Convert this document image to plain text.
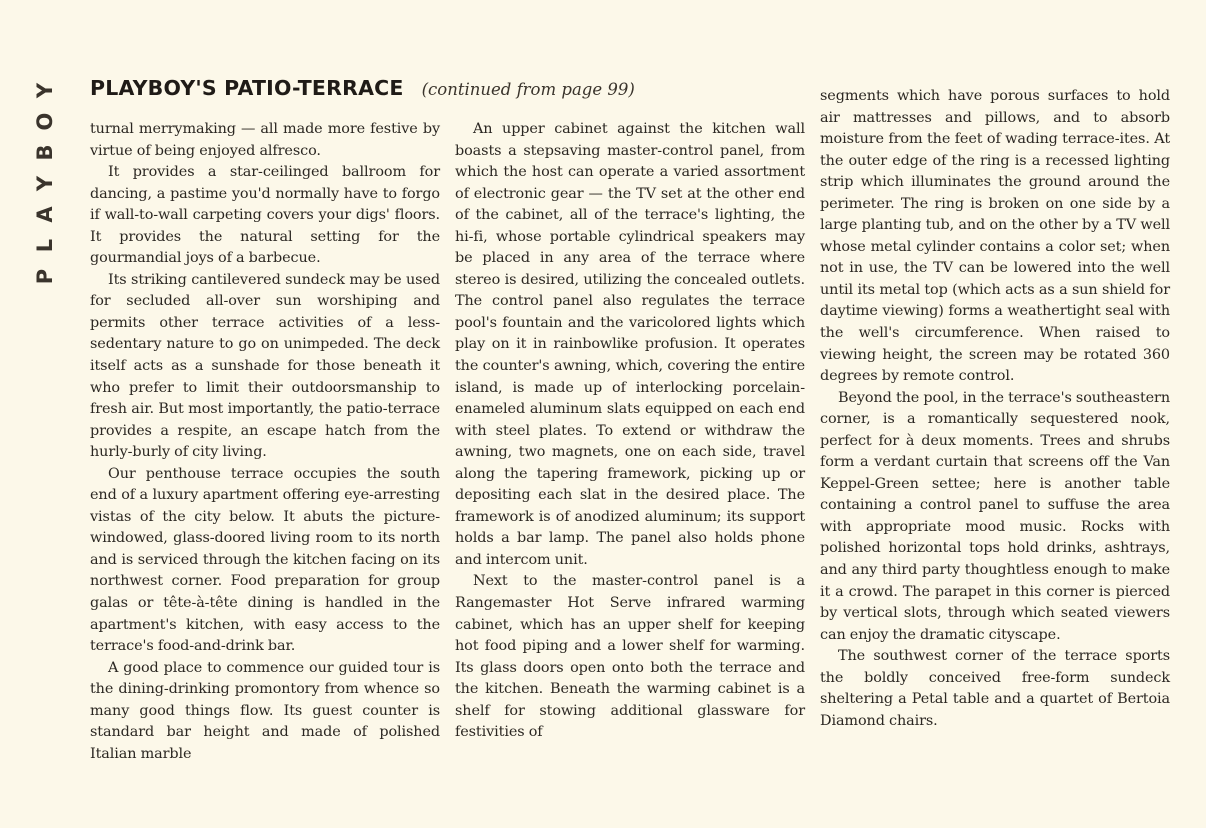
Y
O
B
Y
A
L
P
PLAYBOY'S PATIO-TERRACE (continued from page 99)

turnal merrymaking — all made more festive by virtue of being enjoyed alfresco.

It provides a star-ceilinged ballroom for dancing, a pastime you'd normally have to forgo if wall-to-wall carpeting covers your digs' floors. It provides the natural setting for the gourmandial joys of a barbecue.

Its striking cantilevered sundeck may be used for secluded all-over sun worshiping and permits other terrace activities of a less-sedentary nature to go on unimpeded. The deck itself acts as a sunshade for those beneath it who prefer to limit their outdoorsmanship to fresh air. But most importantly, the patio-terrace provides a respite, an escape hatch from the hurly-burly of city living.

Our penthouse terrace occupies the south end of a luxury apartment offering eye-arresting vistas of the city below. It abuts the picture-windowed, glass-doored living room to its north and is serviced through the kitchen facing on its northwest corner. Food preparation for group galas or tête-à-tête dining is handled in the apartment's kitchen, with easy access to the terrace's food-and-drink bar.

A good place to commence our guided tour is the dining-drinking promontory from whence so many good things flow. Its guest counter is standard bar height and made of polished Italian marble

An upper cabinet against the kitchen wall boasts a stepsaving master-control panel, from which the host can operate a varied assortment of electronic gear — the TV set at the other end of the cabinet, all of the terrace's lighting, the hi-fi, whose portable cylindrical speakers may be placed in any area of the terrace where stereo is desired, utilizing the concealed outlets. The control panel also regulates the terrace pool's fountain and the varicolored lights which play on it in rainbowlike profusion. It operates the counter's awning, which, covering the entire island, is made up of interlocking porcelain-enameled aluminum slats equipped on each end with steel plates. To extend or withdraw the awning, two magnets, one on each side, travel along the tapering framework, picking up or depositing each slat in the desired place. The framework is of anodized aluminum; its support holds a bar lamp. The panel also holds phone and intercom unit.

Next to the master-control panel is a Rangemaster Hot Serve infrared warming cabinet, which has an upper shelf for keeping hot food piping and a lower shelf for warming. Its glass doors open onto both the terrace and the kitchen. Beneath the warming cabinet is a shelf for stowing additional glassware for festivities of

segments which have porous surfaces to hold air mattresses and pillows, and to absorb moisture from the feet of wading terrace-ites. At the outer edge of the ring is a recessed lighting strip which illuminates the ground around the perimeter. The ring is broken on one side by a large planting tub, and on the other by a TV well whose metal cylinder contains a color set; when not in use, the TV can be lowered into the well until its metal top (which acts as a sun shield for daytime viewing) forms a weathertight seal with the well's circumference. When raised to viewing height, the screen may be rotated 360 degrees by remote control.

Beyond the pool, in the terrace's southeastern corner, is a romantically sequestered nook, perfect for à deux moments. Trees and shrubs form a verdant curtain that screens off the Van Keppel-Green settee; here is another table containing a control panel to suffuse the area with appropriate mood music. Rocks with polished horizontal tops hold drinks, ashtrays, and any third party thoughtless enough to make it a crowd. The parapet in this corner is pierced by vertical slots, through which seated viewers can enjoy the dramatic cityscape.

The southwest corner of the terrace sports the boldly conceived free-form sundeck sheltering a Petal table and a quartet of Bertoia Diamond chairs.
